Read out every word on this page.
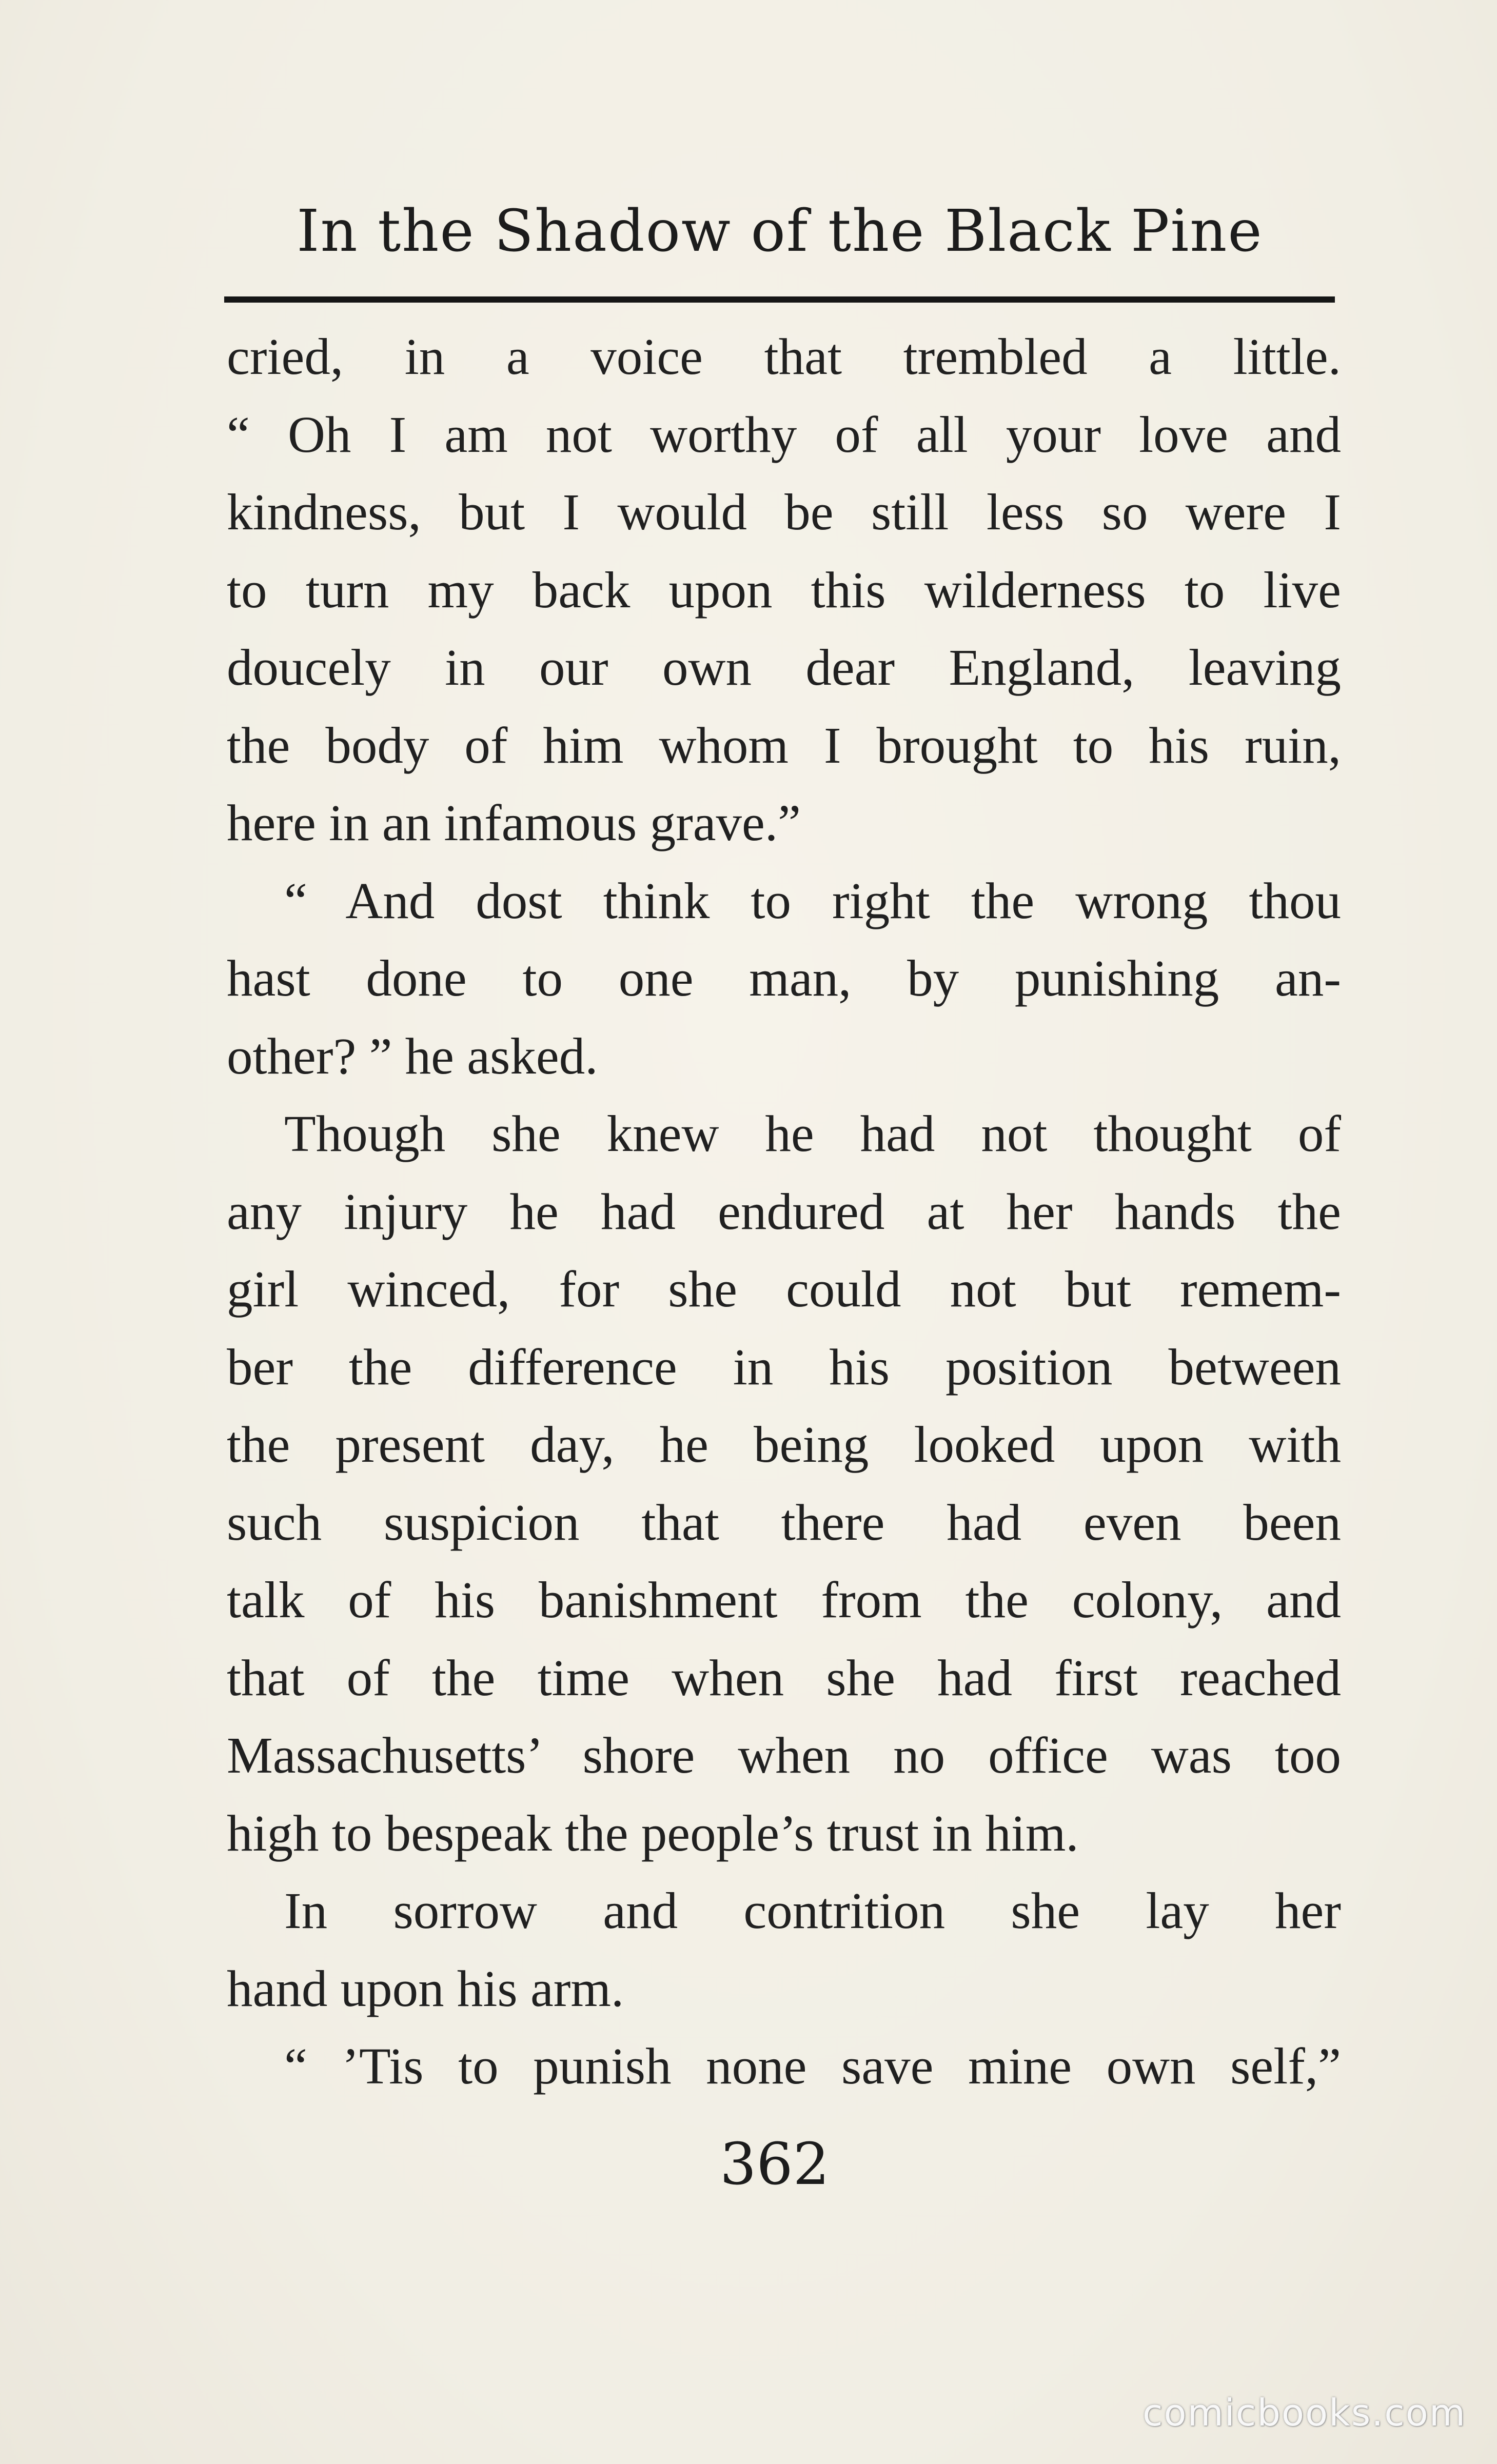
In the Shadow of the Black Pine
cried, in a voice that trembled a little.
“ Oh I am not worthy of all your love and
kindness, but I would be still less so were I
to turn my back upon this wilderness to live
doucely in our own dear England, leaving
the body of him whom I brought to his ruin,
here in an infamous grave.”
“ And dost think to right the wrong thou
hast done to one man, by punishing an-
other? ” he asked.
Though she knew he had not thought of
any injury he had endured at her hands the
girl winced, for she could not but remem-
ber the difference in his position between
the present day, he being looked upon with
such suspicion that there had even been
talk of his banishment from the colony, and
that of the time when she had first reached
Massachusetts’ shore when no office was too
high to bespeak the people’s trust in him.
In sorrow and contrition she lay her
hand upon his arm.
“ ’Tis to punish none save mine own self,”
362
comicbooks.com
